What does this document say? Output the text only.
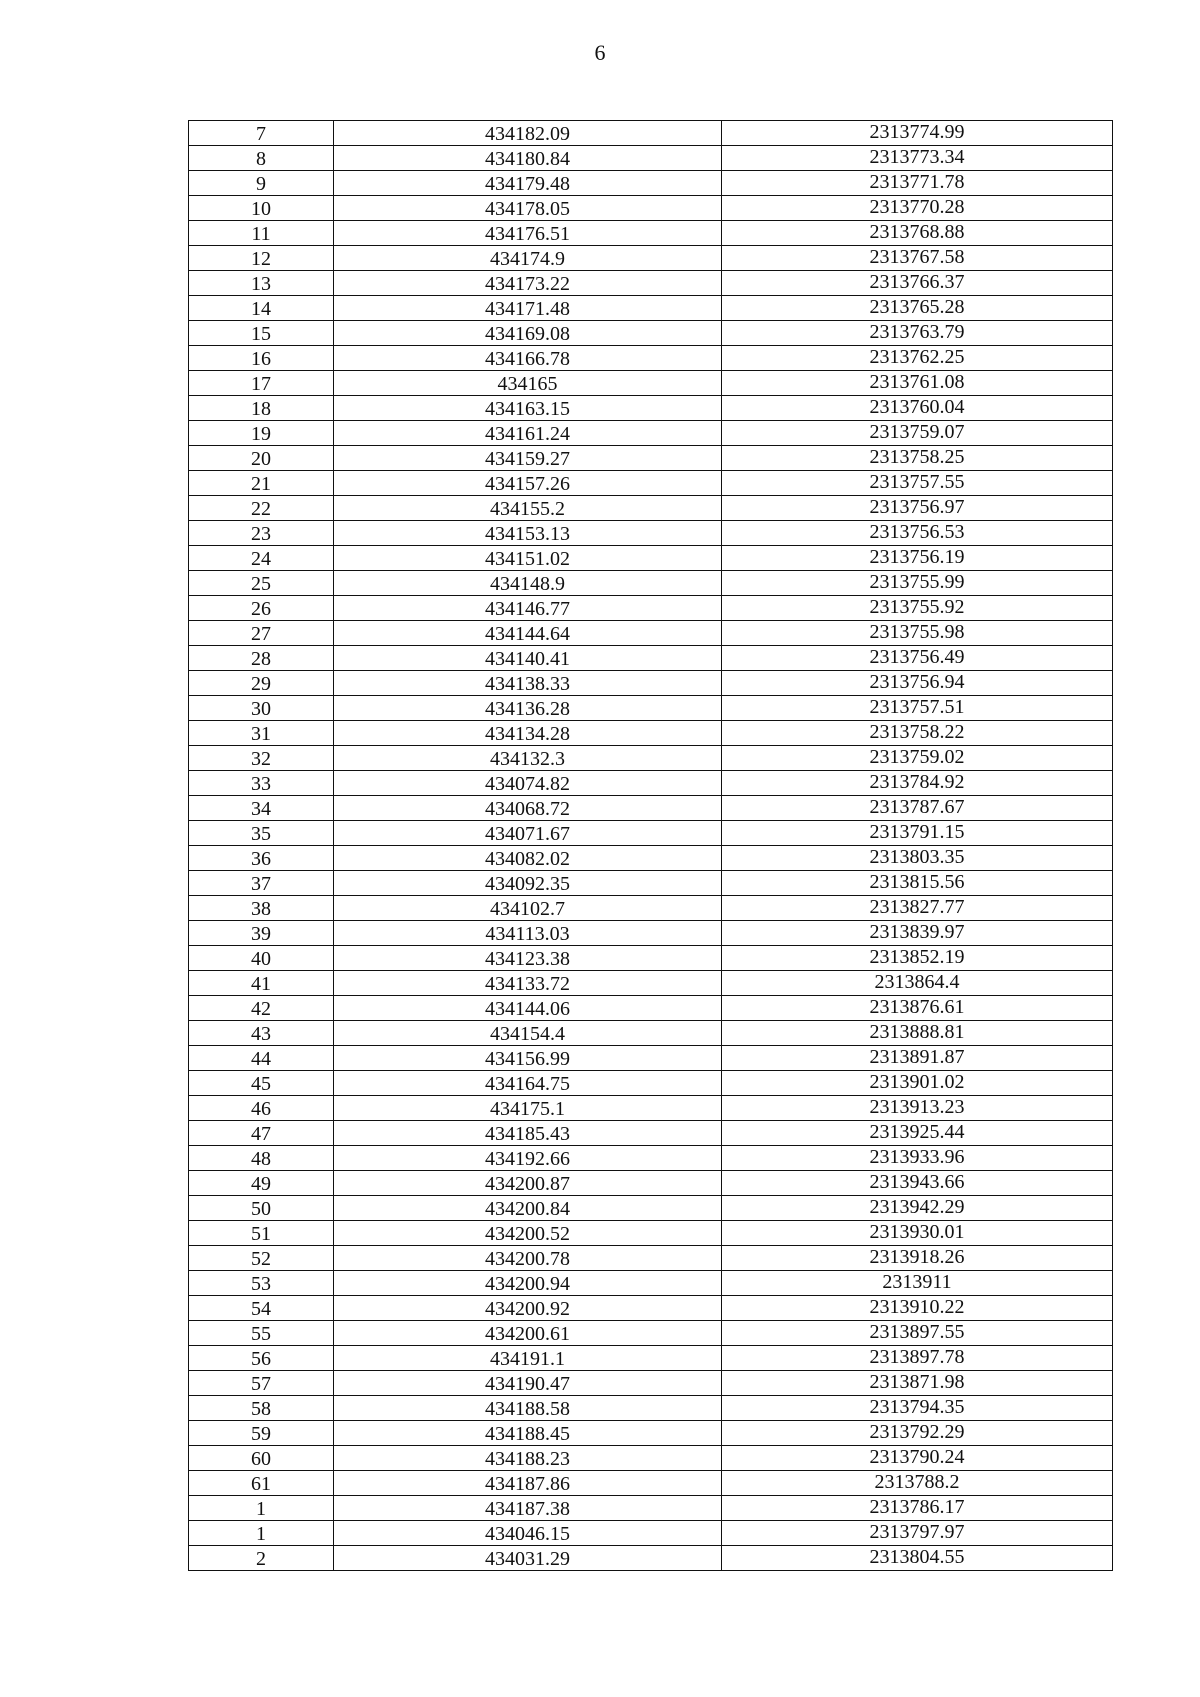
6
7	434182.09	2313774.99
8	434180.84	2313773.34
9	434179.48	2313771.78
10	434178.05	2313770.28
11	434176.51	2313768.88
12	434174.9	2313767.58
13	434173.22	2313766.37
14	434171.48	2313765.28
15	434169.08	2313763.79
16	434166.78	2313762.25
17	434165	2313761.08
18	434163.15	2313760.04
19	434161.24	2313759.07
20	434159.27	2313758.25
21	434157.26	2313757.55
22	434155.2	2313756.97
23	434153.13	2313756.53
24	434151.02	2313756.19
25	434148.9	2313755.99
26	434146.77	2313755.92
27	434144.64	2313755.98
28	434140.41	2313756.49
29	434138.33	2313756.94
30	434136.28	2313757.51
31	434134.28	2313758.22
32	434132.3	2313759.02
33	434074.82	2313784.92
34	434068.72	2313787.67
35	434071.67	2313791.15
36	434082.02	2313803.35
37	434092.35	2313815.56
38	434102.7	2313827.77
39	434113.03	2313839.97
40	434123.38	2313852.19
41	434133.72	2313864.4
42	434144.06	2313876.61
43	434154.4	2313888.81
44	434156.99	2313891.87
45	434164.75	2313901.02
46	434175.1	2313913.23
47	434185.43	2313925.44
48	434192.66	2313933.96
49	434200.87	2313943.66
50	434200.84	2313942.29
51	434200.52	2313930.01
52	434200.78	2313918.26
53	434200.94	2313911
54	434200.92	2313910.22
55	434200.61	2313897.55
56	434191.1	2313897.78
57	434190.47	2313871.98
58	434188.58	2313794.35
59	434188.45	2313792.29
60	434188.23	2313790.24
61	434187.86	2313788.2
1	434187.38	2313786.17
1	434046.15	2313797.97
2	434031.29	2313804.55
